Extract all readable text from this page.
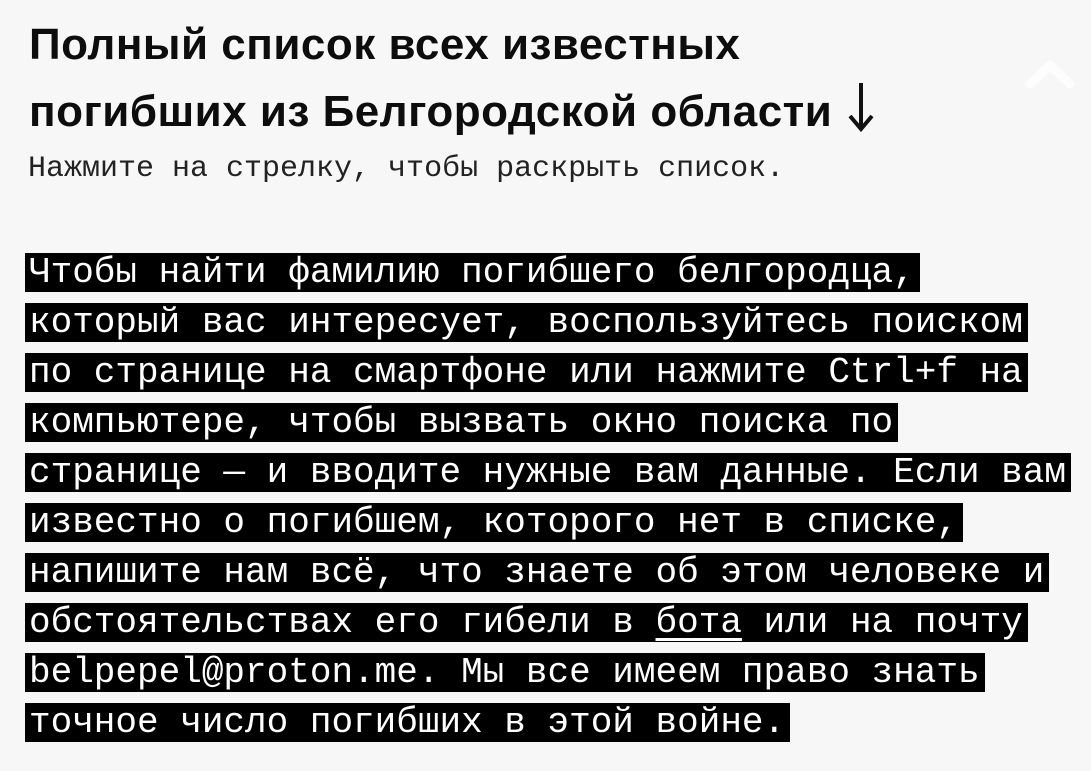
Полный список всех известных
погибших из Белгородской области

Нажмите на стрелку, чтобы раскрыть список.

Чтобы найти фамилию погибшего белгородца,
который вас интересует, воспользуйтесь поиском
по странице на смартфоне или нажмите Ctrl+f на
компьютере, чтобы вызвать окно поиска по
странице — и вводите нужные вам данные. Если вам
известно о погибшем, которого нет в списке,
напишите нам всё, что знаете об этом человеке и
обстоятельствах его гибели в бота или на почту
belpepel@proton.me. Мы все имеем право знать
точное число погибших в этой войне.
